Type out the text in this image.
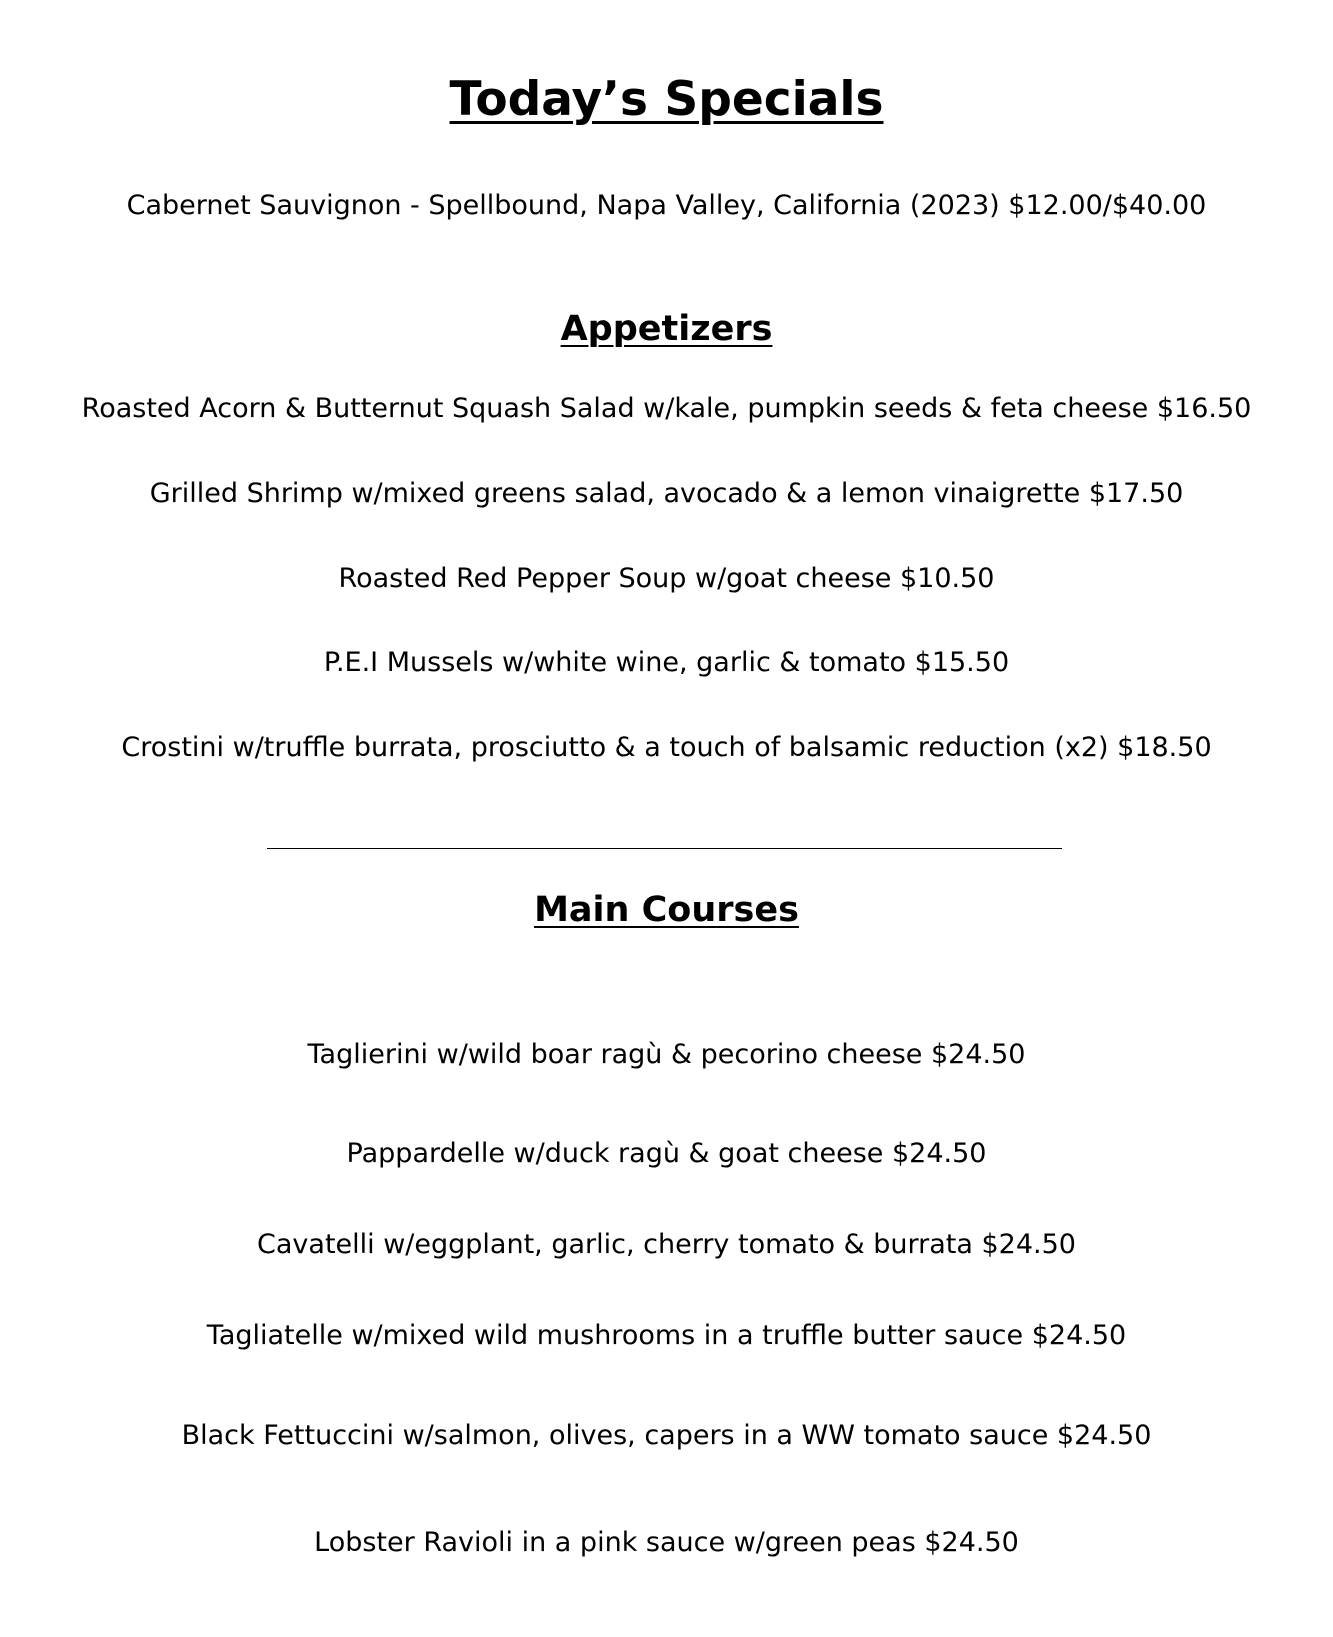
Today’s Specials
Cabernet Sauvignon - Spellbound, Napa Valley, California (2023) $12.00/$40.00
Appetizers
Roasted Acorn & Butternut Squash Salad w/kale, pumpkin seeds & feta cheese $16.50
Grilled Shrimp w/mixed greens salad, avocado & a lemon vinaigrette $17.50
Roasted Red Pepper Soup w/goat cheese $10.50
P.E.I Mussels w/white wine, garlic & tomato $15.50
Crostini w/truffle burrata, prosciutto & a touch of balsamic reduction (x2) $18.50
Main Courses
Taglierini w/wild boar ragù & pecorino cheese $24.50
Pappardelle w/duck ragù & goat cheese $24.50
Cavatelli w/eggplant, garlic, cherry tomato & burrata $24.50
Tagliatelle w/mixed wild mushrooms in a truffle butter sauce $24.50
Black Fettuccini w/salmon, olives, capers in a WW tomato sauce $24.50
Lobster Ravioli in a pink sauce w/green peas $24.50
